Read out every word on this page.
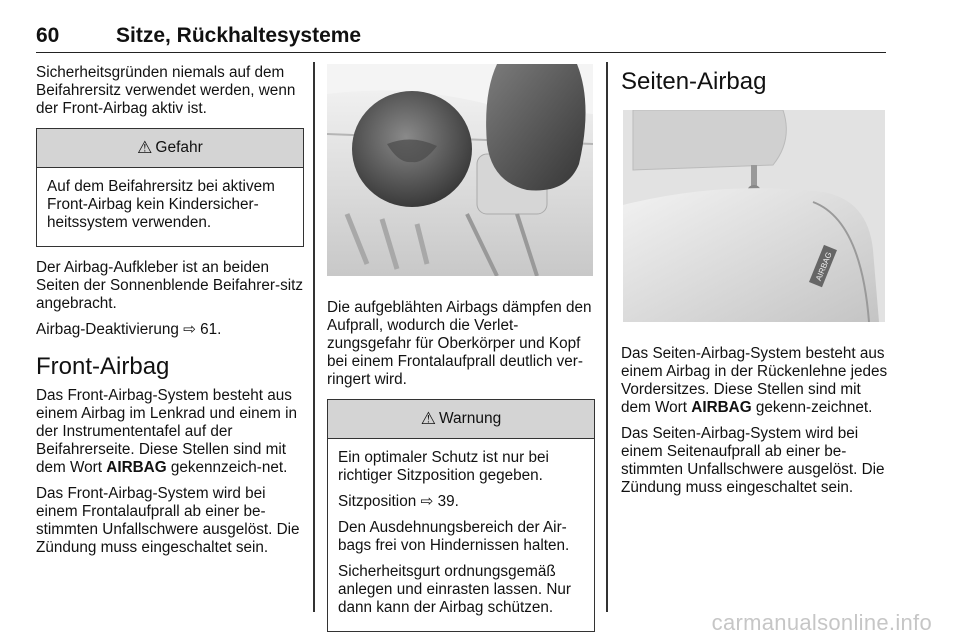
60	Sitze, Rückhaltesysteme

Sicherheitsgründen niemals auf dem Beifahrersitz verwendet werden, wenn der Front-Airbag aktiv ist.

⚠ Gefahr

Auf dem Beifahrersitz bei aktivem Front-Airbag kein Kindersicher-heitssystem verwenden.

Der Airbag-Aufkleber ist an beiden Seiten der Sonnenblende Beifahrer-sitz angebracht.

Airbag-Deaktivierung ⇨ 61.

Front-Airbag

Das Front-Airbag-System besteht aus einem Airbag im Lenkrad und einem in der Instrumententafel auf der Beifahrerseite. Diese Stellen sind mit dem Wort AIRBAG gekennzeich-net.

Das Front-Airbag-System wird bei einem Frontalaufprall ab einer be-stimmten Unfallschwere ausgelöst. Die Zündung muss eingeschaltet sein.

Die aufgeblähten Airbags dämpfen den Aufprall, wodurch die Verlet-zungsgefahr für Oberkörper und Kopf bei einem Frontalaufprall deutlich ver-ringert wird.

⚠ Warnung

Ein optimaler Schutz ist nur bei richtiger Sitzposition gegeben.

Sitzposition ⇨ 39.

Den Ausdehnungsbereich der Air-bags frei von Hindernissen halten.

Sicherheitsgurt ordnungsgemäß anlegen und einrasten lassen. Nur dann kann der Airbag schützen.

Seiten-Airbag
AIRBAG

Das Seiten-Airbag-System besteht aus einem Airbag in der Rückenlehne jedes Vordersitzes. Diese Stellen sind mit dem Wort AIRBAG gekenn-zeichnet.

Das Seiten-Airbag-System wird bei einem Seitenaufprall ab einer be-stimmten Unfallschwere ausgelöst. Die Zündung muss eingeschaltet sein.

carmanualsonline.info
